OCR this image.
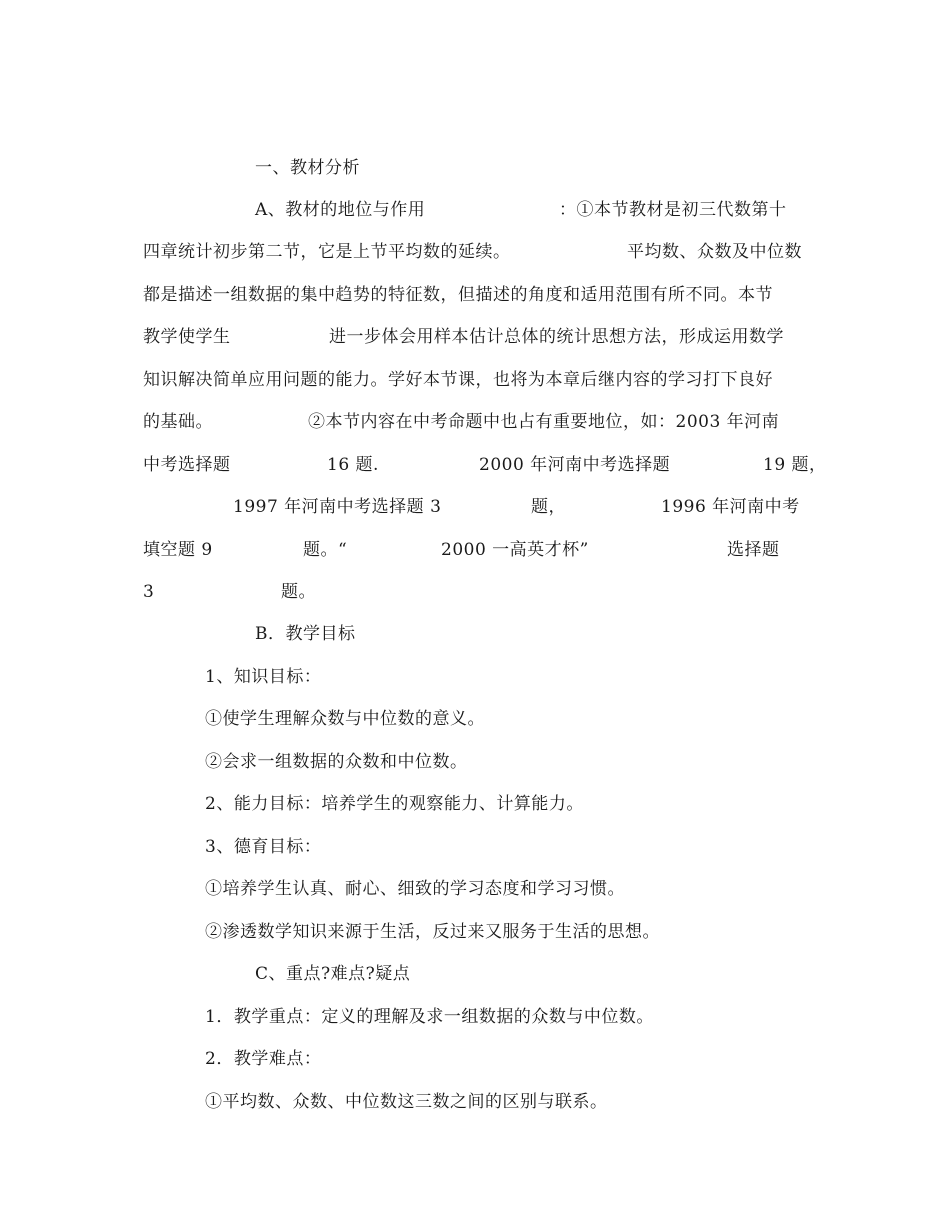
一、教材分析
A、教材的地位与作用	：①本节教材是初三代数第十
四章统计初步第二节，它是上节平均数的延续。	平均数、众数及中位数
都是描述一组数据的集中趋势的特征数，但描述的角度和适用范围有所不同。本节
教学使学生	进一步体会用样本估计总体的统计思想方法，形成运用数学
知识解决简单应用问题的能力。学好本节课，也将为本章后继内容的学习打下良好
的基础。	②本节内容在中考命题中也占有重要地位，如：2003 年河南
中考选择题	16 题.	2000 年河南中考选择题	19 题，
1997 年河南中考选择题 3	题，	1996 年河南中考
填空题 9	题。“	2000 一高英才杯”	选择题
3	题。
B．教学目标
1、知识目标：
①使学生理解众数与中位数的意义。
②会求一组数据的众数和中位数。
2、能力目标：培养学生的观察能力、计算能力。
3、德育目标：
①培养学生认真、耐心、细致的学习态度和学习习惯。
②渗透数学知识来源于生活，反过来又服务于生活的思想。
C、重点?难点?疑点
1．教学重点：定义的理解及求一组数据的众数与中位数。
2．教学难点：
①平均数、众数、中位数这三数之间的区别与联系。
